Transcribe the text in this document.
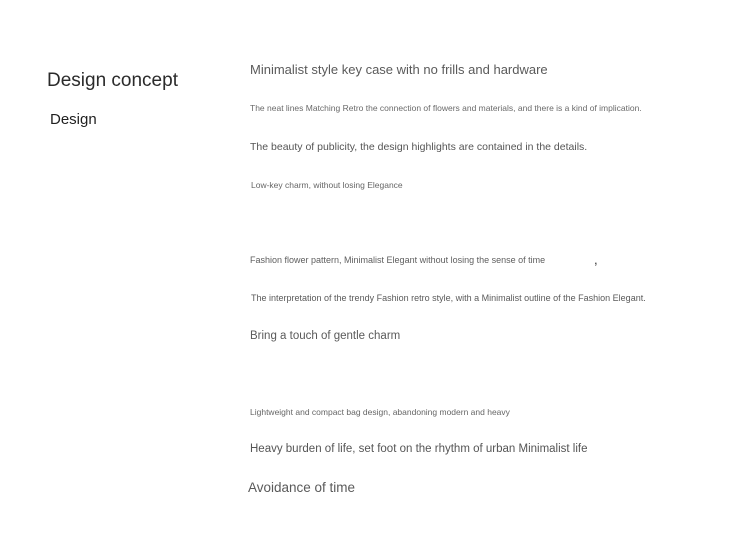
Design concept
Design
Minimalist style key case with no frills and hardware
The neat lines Matching Retro the connection of flowers and materials, and there is a kind of implication.
The beauty of publicity, the design highlights are contained in the details.
Low-key charm, without losing Elegance
Fashion flower pattern, Minimalist Elegant without losing the sense of time	,
The interpretation of the trendy Fashion retro style, with a Minimalist outline of the Fashion Elegant.
Bring a touch of gentle charm
Lightweight and compact bag design, abandoning modern and heavy
Heavy burden of life, set foot on the rhythm of urban Minimalist life
Avoidance of time
